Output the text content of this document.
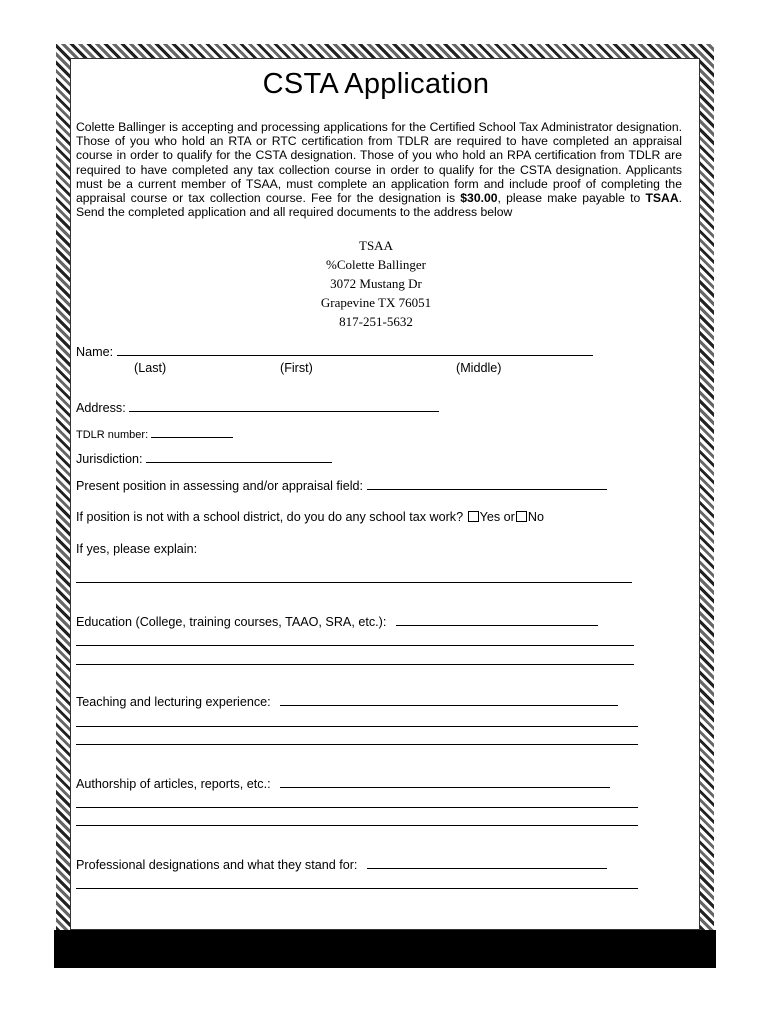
CSTA Application
Colette Ballinger is accepting and processing applications for the Certified School Tax Administrator designation. Those of you who hold an RTA or RTC certification from TDLR are required to have completed an appraisal course in order to qualify for the CSTA designation. Those of you who hold an RPA certification from TDLR are required to have completed any tax collection course in order to qualify for the CSTA designation. Applicants must be a current member of TSAA, must complete an application form and include proof of completing the appraisal course or tax collection course. Fee for the designation is $30.00, please make payable to TSAA. Send the completed application and all required documents to the address below
TSAA
%Colette Ballinger
3072 Mustang Dr
Grapevine TX 76051
817-251-5632
Name:
(Last)	(First)	(Middle)
Address:
TDLR number:
Jurisdiction:
Present position in assessing and/or appraisal field:
If position is not with a school district, do you do any school tax work? Yes or No
If yes, please explain:
Education (College, training courses, TAAO, SRA, etc.):
Teaching and lecturing experience:
Authorship of articles, reports, etc.:
Professional designations and what they stand for:
